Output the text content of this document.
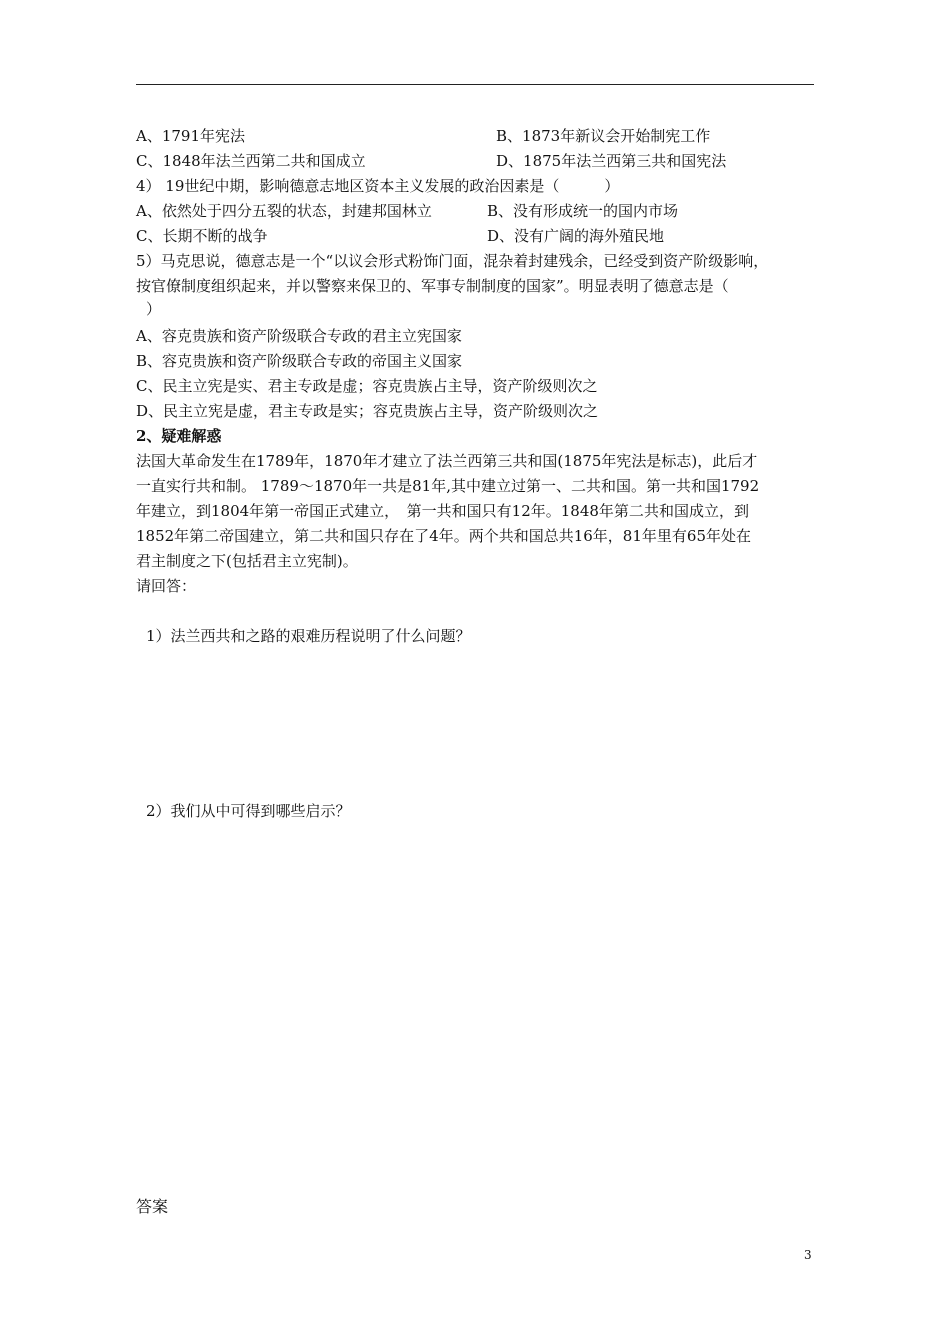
A、1791年宪法	B、1873年新议会开始制宪工作
C、1848年法兰西第二共和国成立	D、1875年法兰西第三共和国宪法
4） 19世纪中期，影响德意志地区资本主义发展的政治因素是（　　　）
A、依然处于四分五裂的状态，封建邦国林立	B、没有形成统一的国内市场
C、长期不断的战争	D、没有广阔的海外殖民地
5）马克思说，德意志是一个“以议会形式粉饰门面，混杂着封建残余，已经受到资产阶级影响，
按官僚制度组织起来，并以警察来保卫的、军事专制制度的国家”。明显表明了德意志是（
）
A、容克贵族和资产阶级联合专政的君主立宪国家
B、容克贵族和资产阶级联合专政的帝国主义国家
C、民主立宪是实、君主专政是虚；容克贵族占主导，资产阶级则次之
D、民主立宪是虚，君主专政是实；容克贵族占主导，资产阶级则次之
2、疑难解惑
法国大革命发生在1789年，1870年才建立了法兰西第三共和国(1875年宪法是标志)，此后才
一直实行共和制。 1789～1870年一共是81年,其中建立过第一、二共和国。第一共和国1792
年建立，到1804年第一帝国正式建立，　第一共和国只有12年。1848年第二共和国成立，到
1852年第二帝国建立，第二共和国只存在了4年。两个共和国总共16年，81年里有65年处在
君主制度之下(包括君主立宪制)。
请回答：
1）法兰西共和之路的艰难历程说明了什么问题？
2）我们从中可得到哪些启示？
答案
3
